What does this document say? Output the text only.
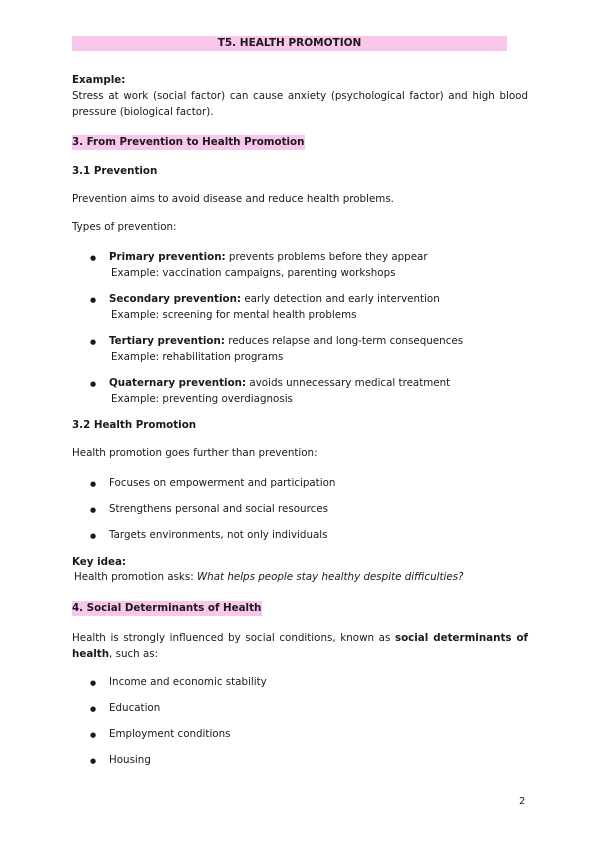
T5. HEALTH PROMOTION
Example:
Stress at work (social factor) can cause anxiety (psychological factor) and high blood pressure (biological factor).
3. From Prevention to Health Promotion
3.1 Prevention
Prevention aims to avoid disease and reduce health problems.
Types of prevention:
● Primary prevention: prevents problems before they appear
Example: vaccination campaigns, parenting workshops
● Secondary prevention: early detection and early intervention
Example: screening for mental health problems
● Tertiary prevention: reduces relapse and long-term consequences
Example: rehabilitation programs
● Quaternary prevention: avoids unnecessary medical treatment
Example: preventing overdiagnosis
3.2 Health Promotion
Health promotion goes further than prevention:
● Focuses on empowerment and participation
● Strengthens personal and social resources
● Targets environments, not only individuals
Key idea:
Health promotion asks: What helps people stay healthy despite difficulties?
4. Social Determinants of Health
Health is strongly influenced by social conditions, known as social determinants of health, such as:
● Income and economic stability
● Education
● Employment conditions
● Housing
2
